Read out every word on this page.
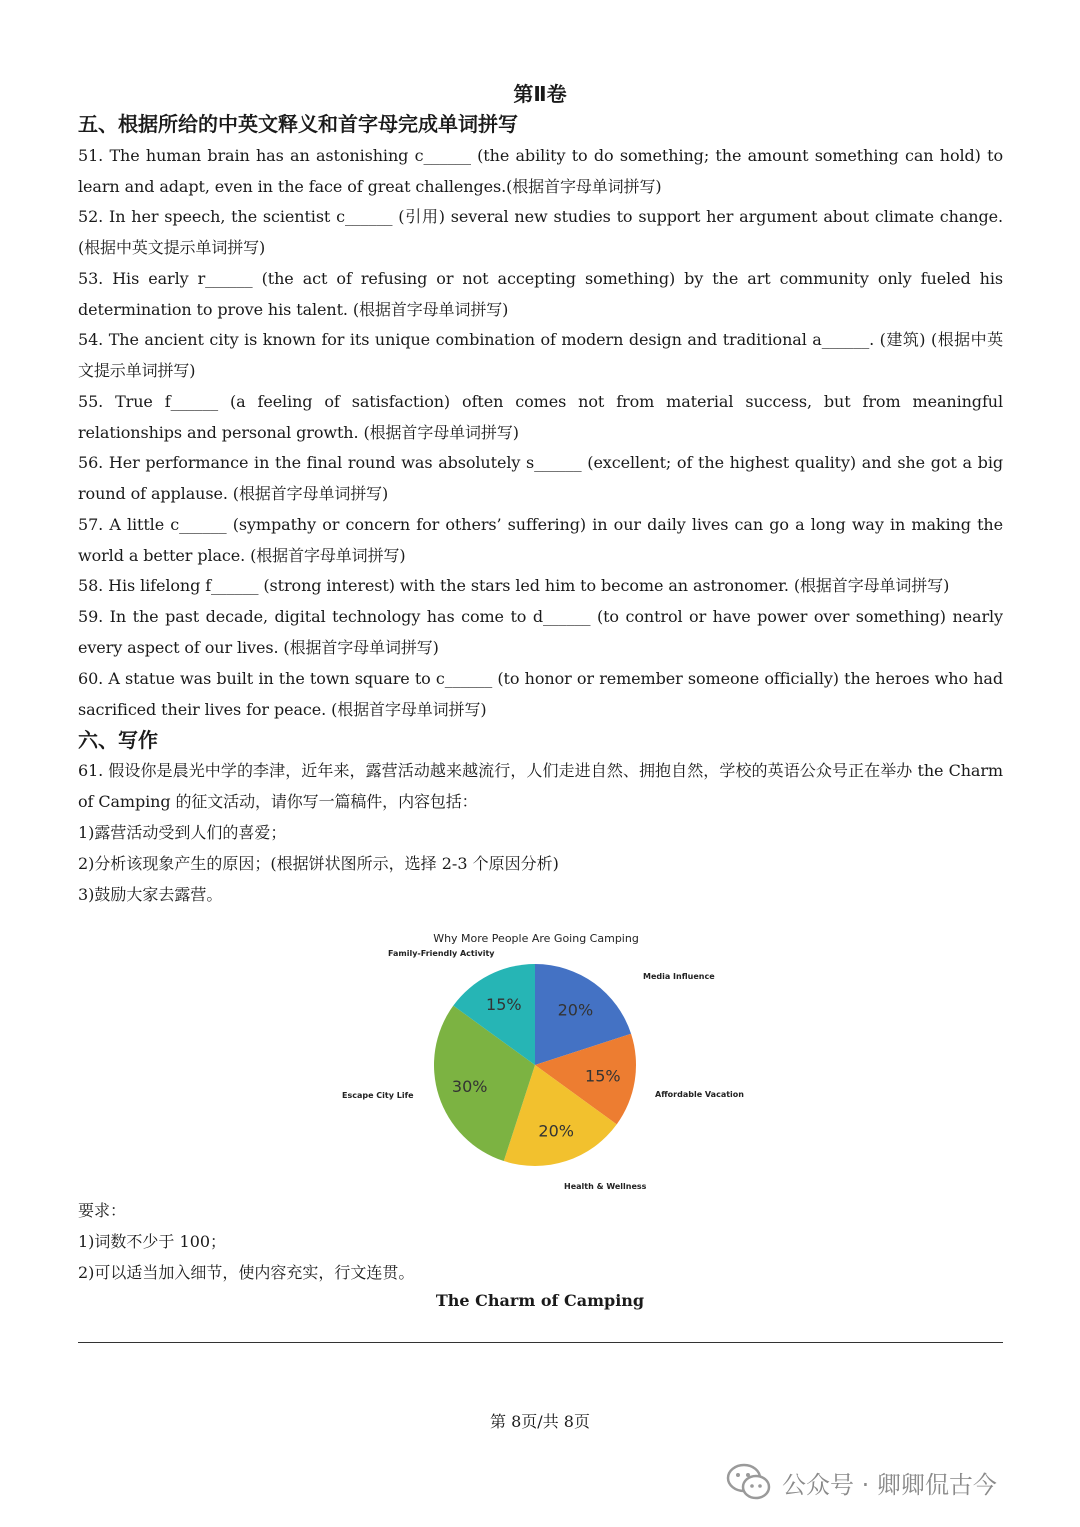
第Ⅱ卷
五、根据所给的中英文释义和首字母完成单词拼写
51. The human brain has an astonishing c______ (the ability to do something; the amount something can hold) to learn and adapt, even in the face of great challenges.(根据首字母单词拼写)
52. In her speech, the scientist c______ (引用) several new studies to support her argument about climate change. (根据中英文提示单词拼写)
53. His early r______ (the act of refusing or not accepting something) by the art community only fueled his determination to prove his talent. (根据首字母单词拼写)
54. The ancient city is known for its unique combination of modern design and traditional a______. (建筑) (根据中英文提示单词拼写)
55. True f______ (a feeling of satisfaction) often comes not from material success, but from meaningful relationships and personal growth. (根据首字母单词拼写)
56. Her performance in the final round was absolutely s______ (excellent; of the highest quality) and she got a big round of applause. (根据首字母单词拼写)
57. A little c______ (sympathy or concern for others’ suffering) in our daily lives can go a long way in making the world a better place. (根据首字母单词拼写)
58. His lifelong f______ (strong interest) with the stars led him to become an astronomer. (根据首字母单词拼写)
59. In the past decade, digital technology has come to d______ (to control or have power over something) nearly every aspect of our lives. (根据首字母单词拼写)
60. A statue was built in the town square to c______ (to honor or remember someone officially) the heroes who had sacrificed their lives for peace. (根据首字母单词拼写)
六、写作
61. 假设你是晨光中学的李津，近年来，露营活动越来越流行，人们走进自然、拥抱自然，学校的英语公众号正在举办 the Charm of Camping 的征文活动，请你写一篇稿件，内容包括：
1)露营活动受到人们的喜爱；
2)分析该现象产生的原因；(根据饼状图所示，选择 2-3 个原因分析)
3)鼓励大家去露营。
Why More People Are Going Camping
20%
15%
20%
30%
15%
Media Influence
Affordable Vacation
Health & Wellness
Escape City Life
Family-Friendly Activity
要求：
1)词数不少于 100；
2)可以适当加入细节，使内容充实，行文连贯。
The Charm of Camping
第 8页/共 8页
公众号 · 卿卿侃古今
